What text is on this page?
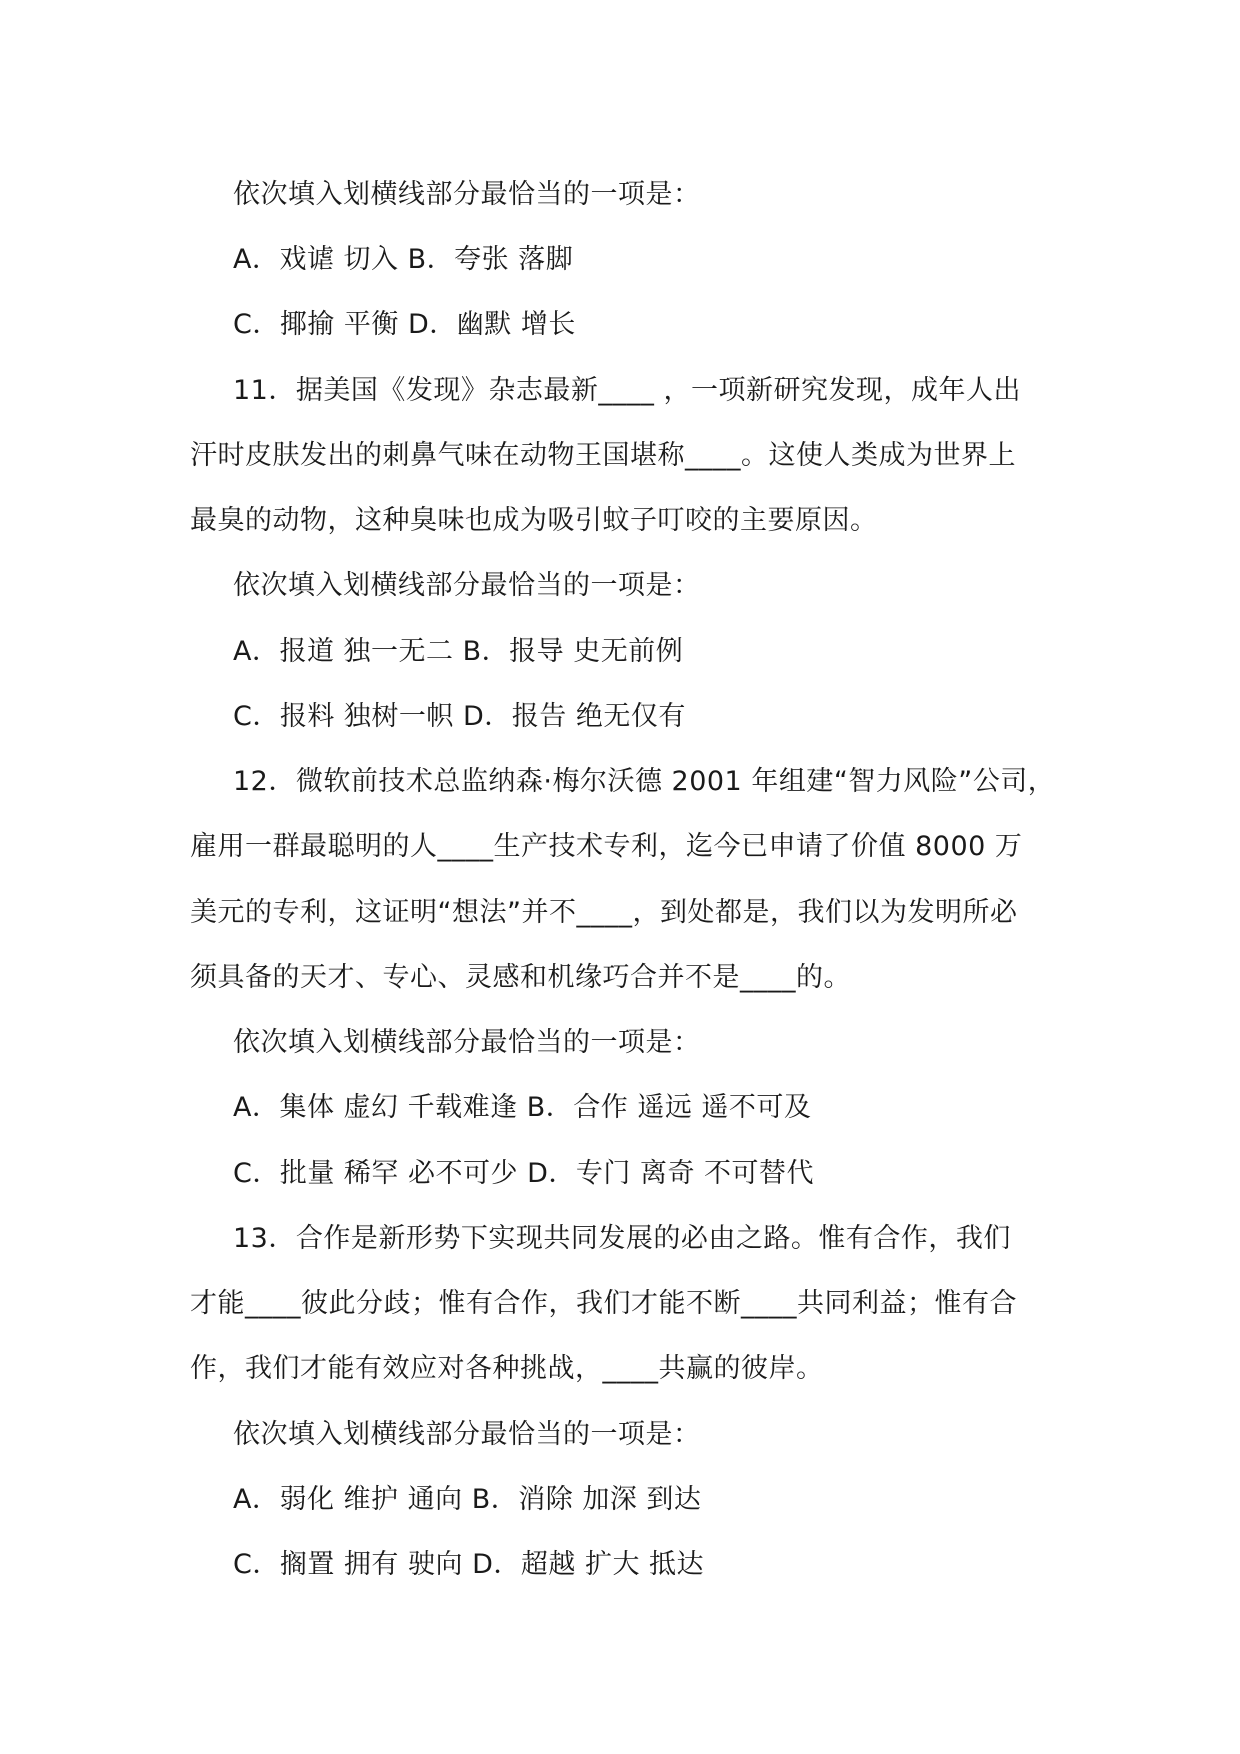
依次填入划横线部分最恰当的一项是：
A．戏谑 切入 B．夸张 落脚
C．揶揄 平衡 D．幽默 增长
11．据美国《发现》杂志最新____ ，一项新研究发现，成年人出
汗时皮肤发出的刺鼻气味在动物王国堪称____。这使人类成为世界上
最臭的动物，这种臭味也成为吸引蚊子叮咬的主要原因。
依次填入划横线部分最恰当的一项是：
A．报道 独一无二 B．报导 史无前例
C．报料 独树一帜 D．报告 绝无仅有
12．微软前技术总监纳森·梅尔沃德 2001 年组建“智力风险”公司，
雇用一群最聪明的人____生产技术专利，迄今已申请了价值 8000 万
美元的专利，这证明“想法”并不____，到处都是，我们以为发明所必
须具备的天才、专心、灵感和机缘巧合并不是____的。
依次填入划横线部分最恰当的一项是：
A．集体 虚幻 千载难逢 B．合作 遥远 遥不可及
C．批量 稀罕 必不可少 D．专门 离奇 不可替代
13．合作是新形势下实现共同发展的必由之路。惟有合作，我们
才能____彼此分歧；惟有合作，我们才能不断____共同利益；惟有合
作，我们才能有效应对各种挑战，____共赢的彼岸。
依次填入划横线部分最恰当的一项是：
A．弱化 维护 通向 B．消除 加深 到达
C．搁置 拥有 驶向 D．超越 扩大 抵达
